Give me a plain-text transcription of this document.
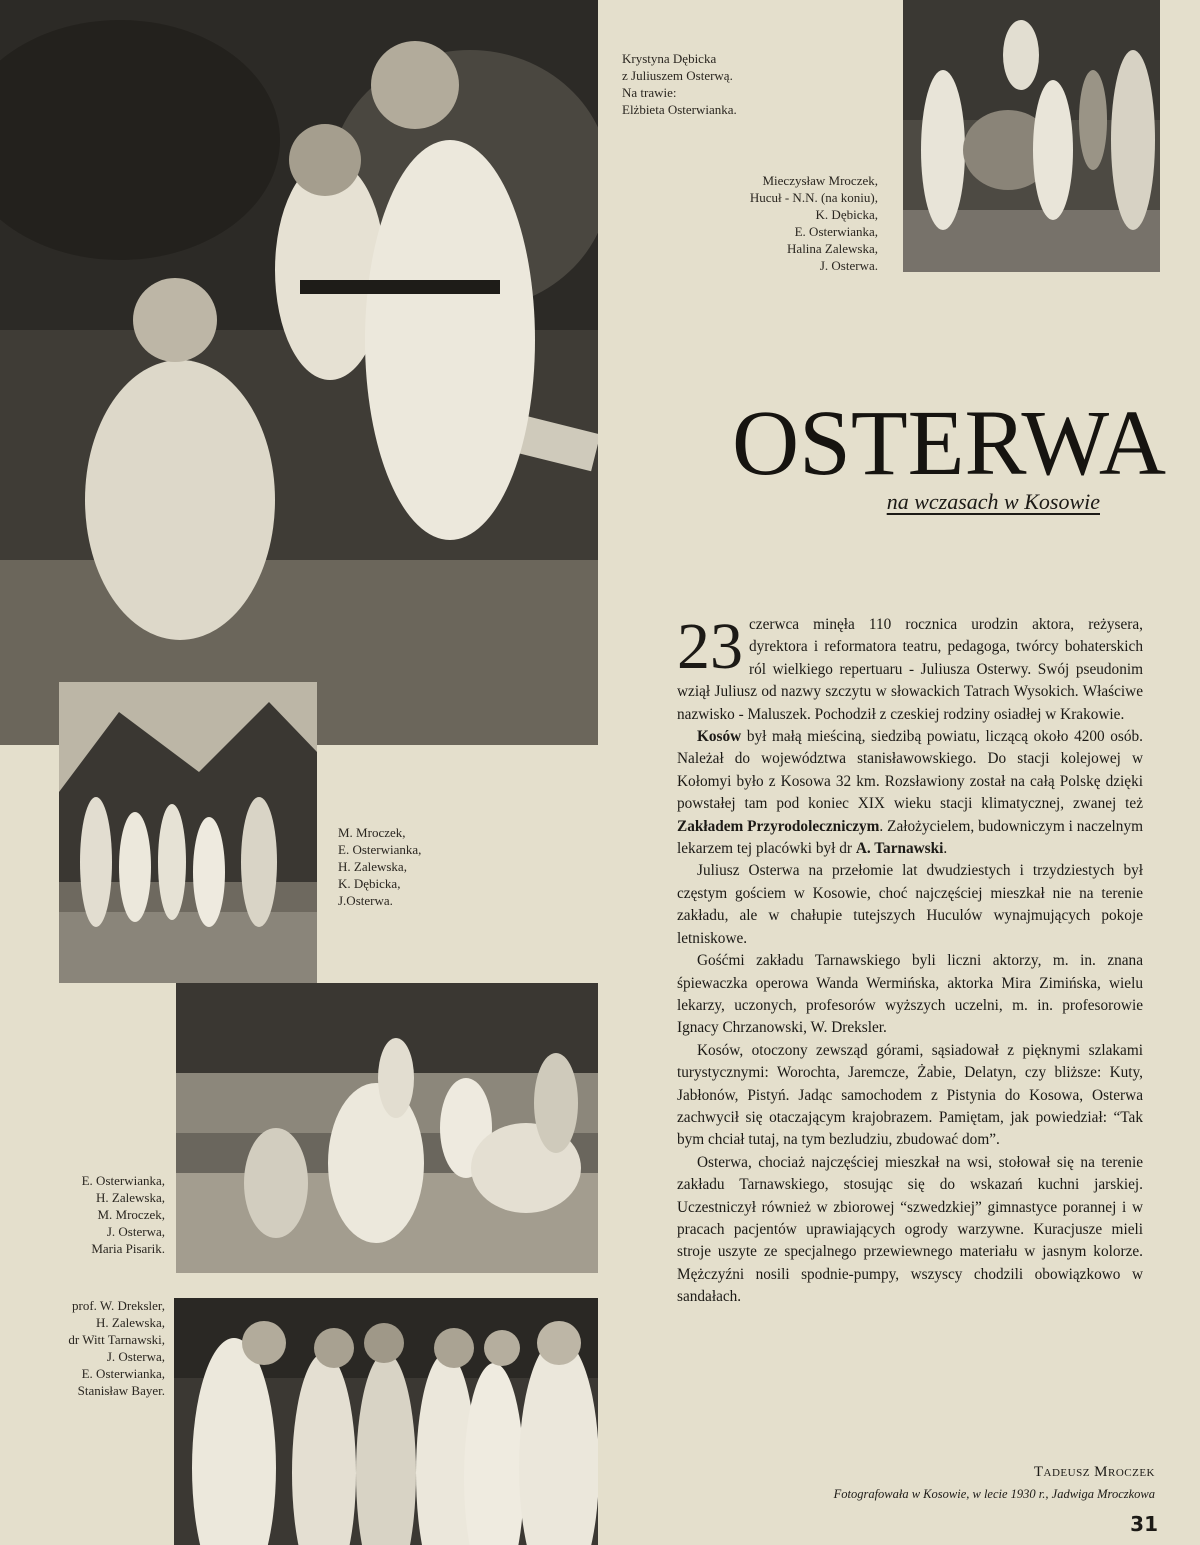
Krystyna Dębicka
z Juliuszem Osterwą.
Na trawie:
Elżbieta Osterwianka.
Mieczysław Mroczek,
Hucuł - N.N. (na koniu),
K. Dębicka,
E. Osterwianka,
Halina Zalewska,
J. Osterwa.
M. Mroczek,
E. Osterwianka,
H. Zalewska,
K. Dębicka,
J.Osterwa.
E. Osterwianka,
H. Zalewska,
M. Mroczek,
J. Osterwa,
Maria Pisarik.
prof. W. Dreksler,
H. Zalewska,
dr Witt Tarnawski,
J. Osterwa,
E. Osterwianka,
Stanisław Bayer.
OSTERWA
na wczasach w Kosowie

23 czerwca minęła 110 rocznica urodzin aktora, reżysera, dyrektora i reformatora teatru, pedagoga, twórcy bohaterskich ról wielkiego repertuaru - Juliusza Osterwy. Swój pseudonim wziął Juliusz od nazwy szczytu w słowackich Tatrach Wysokich. Właściwe nazwisko - Maluszek. Pochodził z czeskiej rodziny osiadłej w Krakowie.

Kosów był małą mieściną, siedzibą powiatu, liczącą około 4200 osób. Należał do województwa stanisławowskiego. Do stacji kolejowej w Kołomyi było z Kosowa 32 km. Rozsławiony został na całą Polskę dzięki powstałej tam pod koniec XIX wieku stacji klimatycznej, zwanej też Zakładem Przyrodoleczniczym. Założycielem, budowniczym i naczelnym lekarzem tej placówki był dr A. Tarnawski.

Juliusz Osterwa na przełomie lat dwudziestych i trzydziestych był częstym gościem w Kosowie, choć najczęściej mieszkał nie na terenie zakładu, ale w chałupie tutejszych Huculów wynajmujących pokoje letniskowe.

Gośćmi zakładu Tarnawskiego byli liczni aktorzy, m. in. znana śpiewaczka operowa Wanda Wermińska, aktorka Mira Zimińska, wielu lekarzy, uczonych, profesorów wyższych uczelni, m. in. profesorowie Ignacy Chrzanowski, W. Dreksler.

Kosów, otoczony zewsząd górami, sąsiadował z pięknymi szlakami turystycznymi: Worochta, Jaremcze, Żabie, Delatyn, czy bliższe: Kuty, Jabłonów, Pistyń. Jadąc samochodem z Pistynia do Kosowa, Osterwa zachwycił się otaczającym krajobrazem. Pamiętam, jak powiedział: “Tak bym chciał tutaj, na tym bezludziu, zbudować dom”.

Osterwa, chociaż najczęściej mieszkał na wsi, stołował się na terenie zakładu Tarnawskiego, stosując się do wskazań kuchni jarskiej. Uczestniczył również w zbiorowej “szwedzkiej” gimnastyce porannej i w pracach pacjentów uprawiających ogrody warzywne. Kuracjusze mieli stroje uszyte ze specjalnego przewiewnego materiału w jasnym kolorze. Mężczyźni nosili spodnie-pumpy, wszyscy chodzili obowiązkowo w sandałach.

Tadeusz Mroczek
Fotografowała w Kosowie, w lecie 1930 r., Jadwiga Mroczkowa
31
